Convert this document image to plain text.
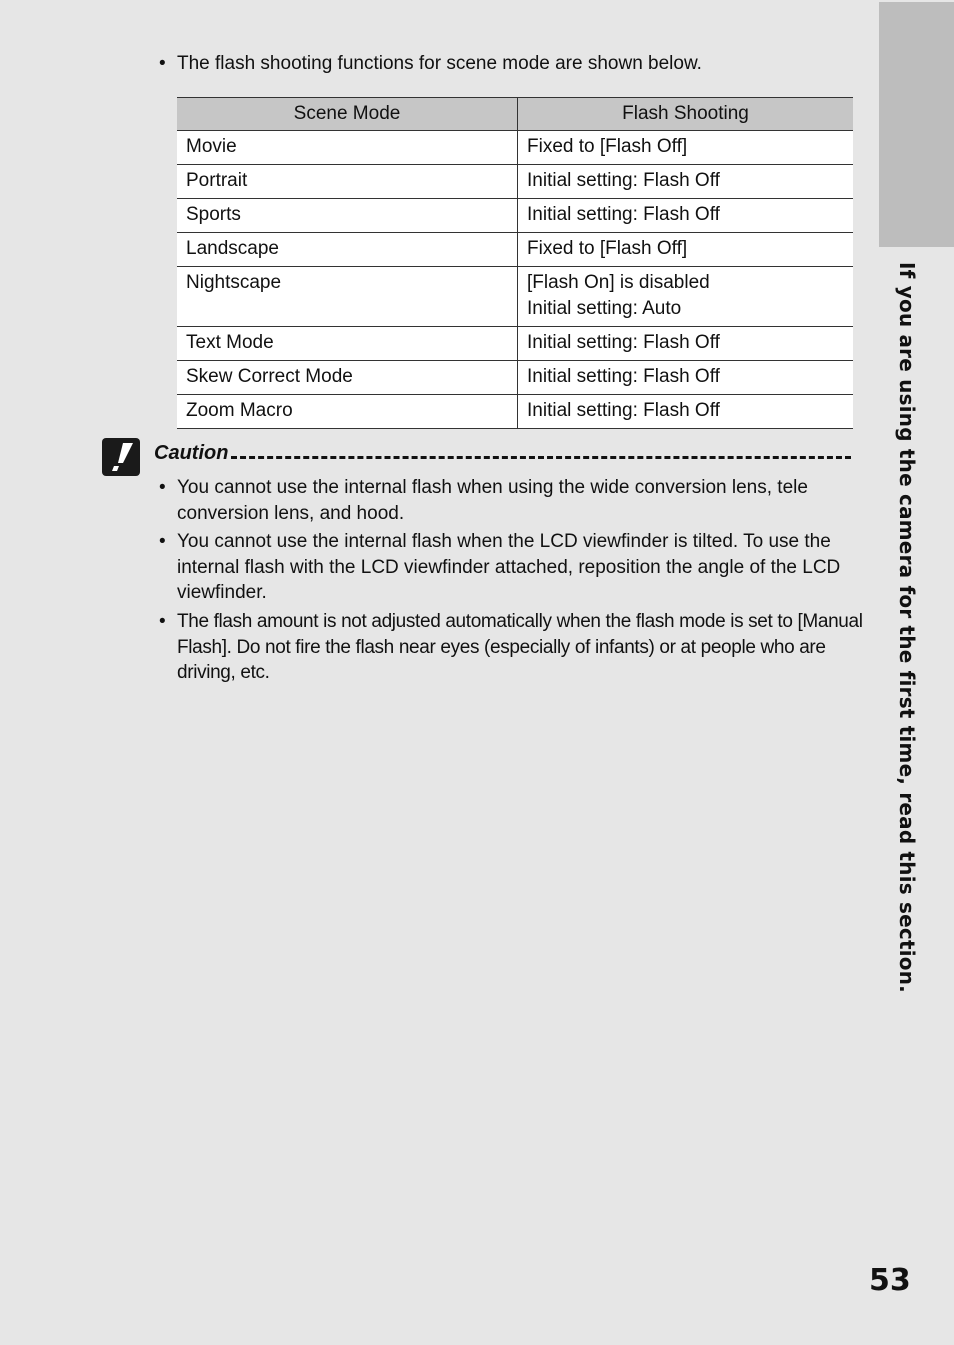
If you are using the camera for the first time, read this section.
• The flash shooting functions for scene mode are shown below.
Scene Mode	Flash Shooting
Movie	Fixed to [Flash Off]

Portrait	Initial setting: Flash Off

Sports	Initial setting: Flash Off

Landscape	Fixed to [Flash Off]

Nightscape	[Flash On] is disabled
Initial setting: Auto

Text Mode	Initial setting: Flash Off

Skew Correct Mode	Initial setting: Flash Off

Zoom Macro	Initial setting: Flash Off
Caution
• You cannot use the internal flash when using the wide conversion lens, tele conversion lens, and hood.
• You cannot use the internal flash when the LCD viewfinder is tilted. To use the internal flash with the LCD viewfinder attached, reposition the angle of the LCD viewfinder.
• The flash amount is not adjusted automatically when the flash mode is set to [Manual Flash]. Do not fire the flash near eyes (especially of infants) or at people who are driving, etc.
53
